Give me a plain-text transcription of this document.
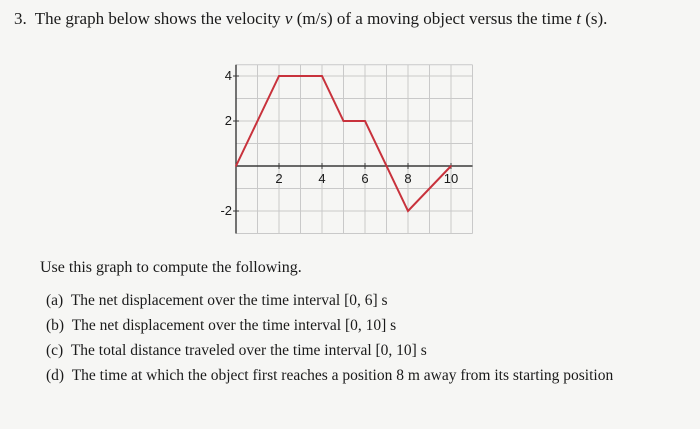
3. The graph below shows the velocity v (m/s) of a moving object versus the time t (s).
2	4	6	8 10
4
2
-2
Use this graph to compute the following.
(a) The net displacement over the time interval [0, 6] s
(b) The net displacement over the time interval [0, 10] s
(c) The total distance traveled over the time interval [0, 10] s
(d) The time at which the object first reaches a position 8 m away from its starting position
